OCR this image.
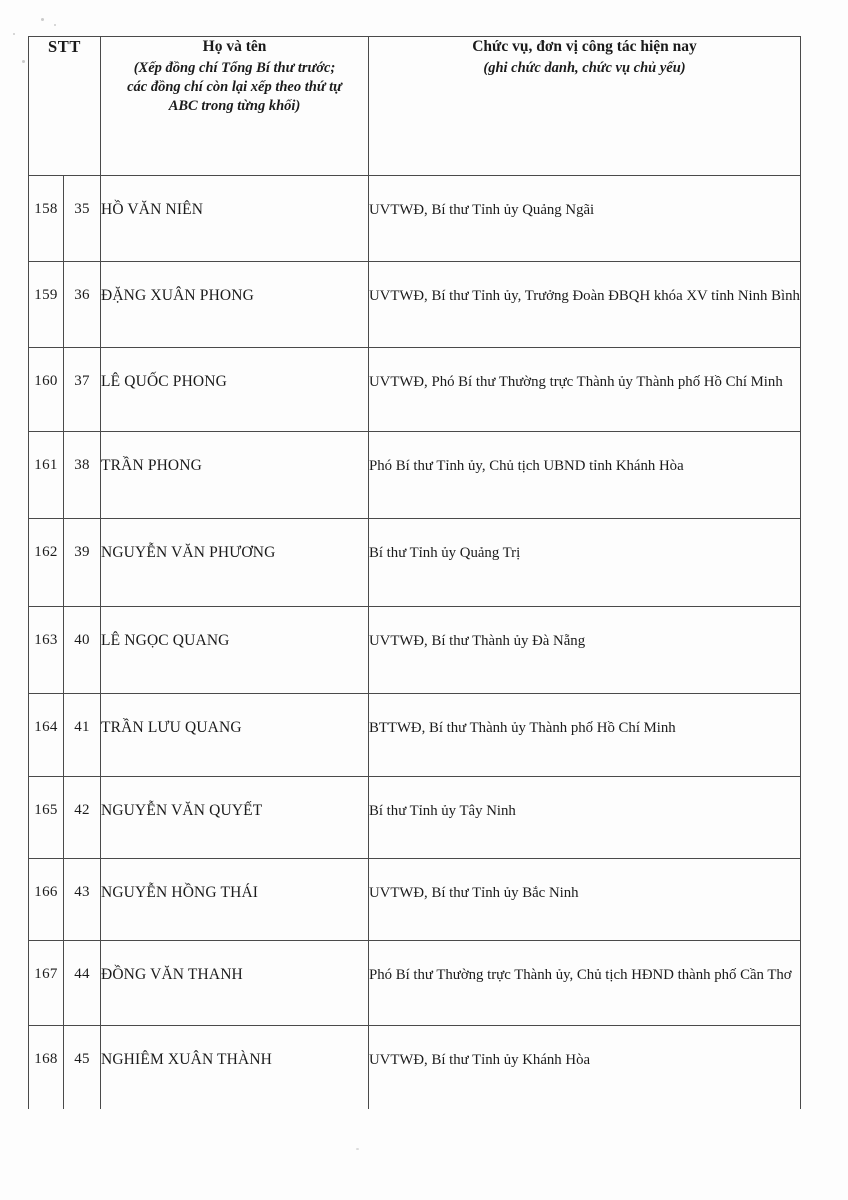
STT		Họ và tên
(Xếp đồng chí Tổng Bí thư trước;
các đồng chí còn lại xếp theo thứ tự
ABC trong từng khối)	Chức vụ, đơn vị công tác hiện nay
(ghi chức danh, chức vụ chủ yếu)

158	35	HỒ VĂN NIÊN	UVTWĐ, Bí thư Tỉnh ủy Quảng Ngãi

159	36	ĐẶNG XUÂN PHONG	UVTWĐ, Bí thư Tỉnh ủy, Trưởng Đoàn ĐBQH khóa XV tỉnh Ninh Bình

160	37	LÊ QUỐC PHONG	UVTWĐ, Phó Bí thư Thường trực Thành ủy Thành phố Hồ Chí Minh

161	38	TRẦN PHONG	Phó Bí thư Tỉnh ủy, Chủ tịch UBND tỉnh Khánh Hòa

162	39	NGUYỄN VĂN PHƯƠNG	Bí thư Tỉnh ủy Quảng Trị

163	40	LÊ NGỌC QUANG	UVTWĐ, Bí thư Thành ủy Đà Nẵng

164	41	TRẦN LƯU QUANG	BTTWĐ, Bí thư Thành ủy Thành phố Hồ Chí Minh

165	42	NGUYỄN VĂN QUYẾT	Bí thư Tỉnh ủy Tây Ninh

166	43	NGUYỄN HỒNG THÁI	UVTWĐ, Bí thư Tỉnh ủy Bắc Ninh

167	44	ĐỒNG VĂN THANH	Phó Bí thư Thường trực Thành ủy, Chủ tịch HĐND thành phố Cần Thơ

168	45	NGHIÊM XUÂN THÀNH	UVTWĐ, Bí thư Tỉnh ủy Khánh Hòa
